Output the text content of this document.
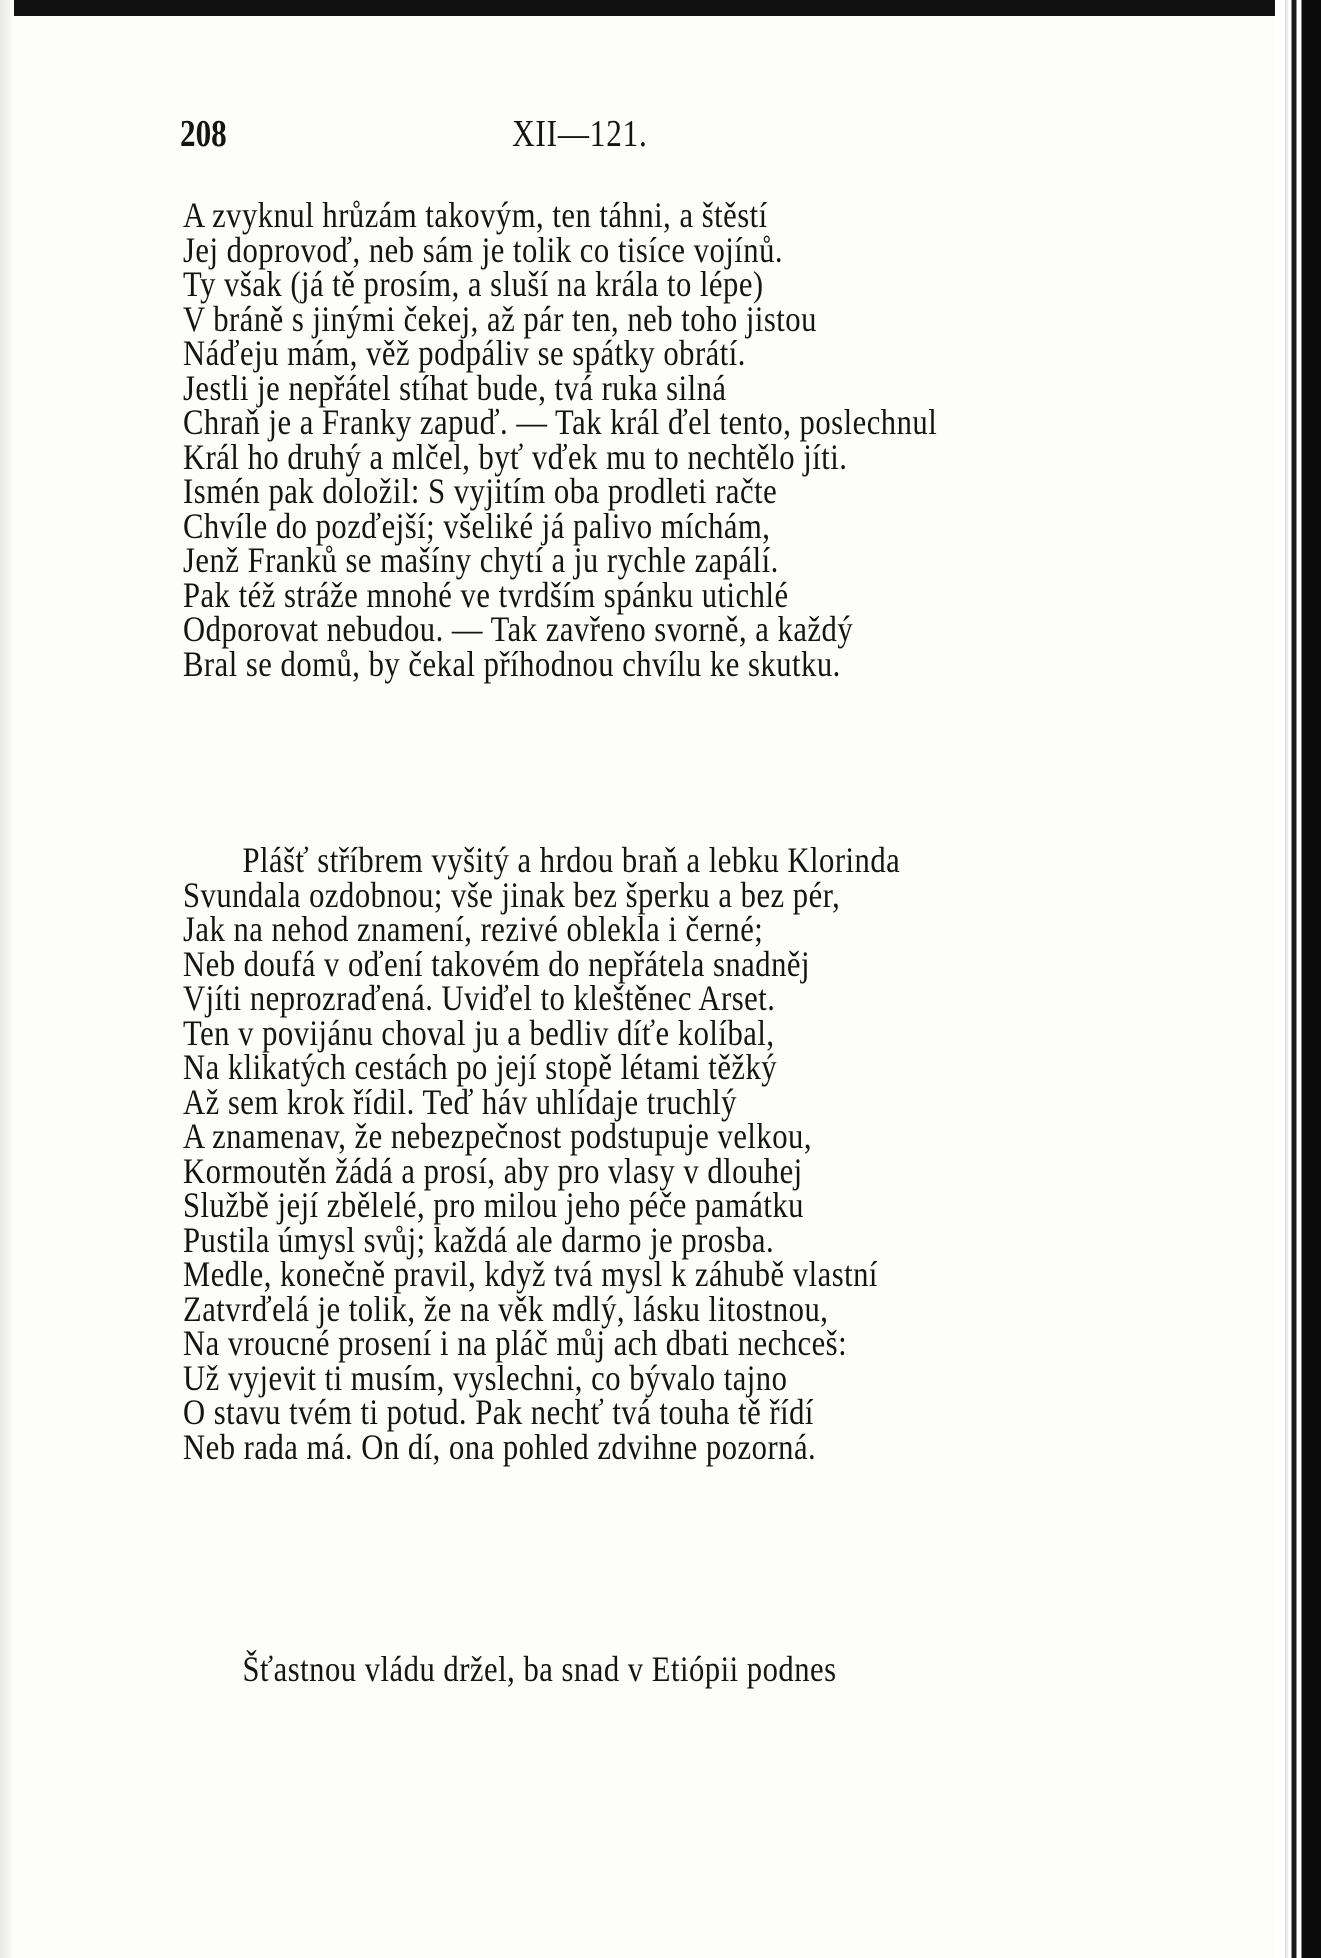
208	XII—121.
A zvyknul hrůzám takovým, ten táhni, a štěstí
Jej doprovoď, neb sám je tolik co tisíce vojínů.
Ty však (já tě prosím, a sluší na krála to lépe)
V bráně s jinými čekej, až pár ten, neb toho jistou
Náďeju mám, věž podpáliv se spátky obrátí.
Jestli je nepřátel stíhat bude, tvá ruka silná
Chraň je a Franky zapuď. — Tak král ďel tento, poslechnul
Král ho druhý a mlčel, byť vďek mu to nechtělo jíti.
Ismén pak doložil: S vyjitím oba prodleti račte
Chvíle do pozďejší; všeliké já palivo míchám,
Jenž Franků se mašíny chytí a ju rychle zapálí.
Pak též stráže mnohé ve tvrdším spánku utichlé
Odporovat nebudou. — Tak zavřeno svorně, a každý
Bral se domů, by čekal příhodnou chvílu ke skutku.
Plášť stříbrem vyšitý a hrdou braň a lebku Klorinda
Svundala ozdobnou; vše jinak bez šperku a bez pér,
Jak na nehod znamení, rezivé oblekla i černé;
Neb doufá v oďení takovém do nepřátela snadněj
Vjíti neprozraďená. Uviďel to kleštěnec Arset.
Ten v povijánu choval ju a bedliv díťe kolíbal,
Na klikatých cestách po její stopě létami těžký
Až sem krok řídil. Teď háv uhlídaje truchlý
A znamenav, že nebezpečnost podstupuje velkou,
Kormoutěn žádá a prosí, aby pro vlasy v dlouhej
Službě její zbělelé, pro milou jeho péče památku
Pustila úmysl svůj; každá ale darmo je prosba.
Medle, konečně pravil, když tvá mysl k záhubě vlastní
Zatvrďelá je tolik, že na věk mdlý, lásku litostnou,
Na vroucné prosení i na pláč můj ach dbati nechceš:
Už vyjevit ti musím, vyslechni, co bývalo tajno
O stavu tvém ti potud. Pak nechť tvá touha tě řídí
Neb rada má. On dí, ona pohled zdvihne pozorná.
Šťastnou vládu držel, ba snad v Etiópii podnes
